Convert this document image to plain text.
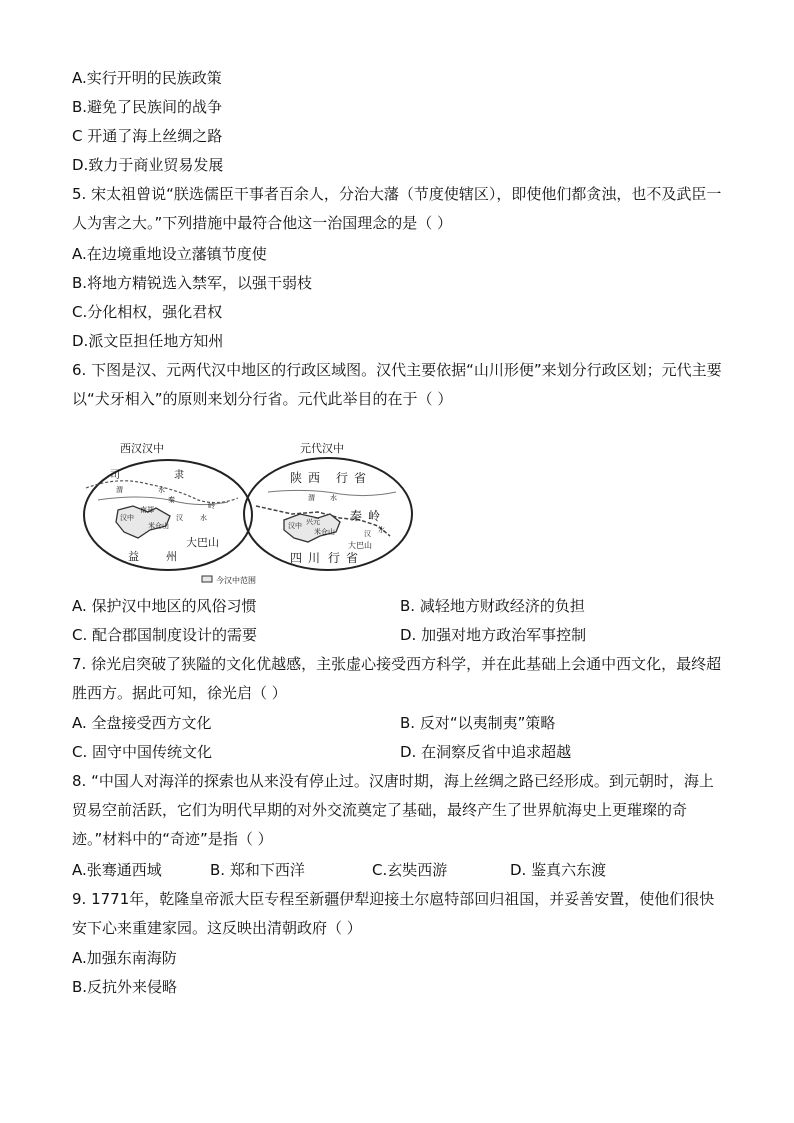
A.实行开明的民族政策
B.避免了民族间的战争
C 开通了海上丝绸之路
D.致力于商业贸易发展
5. 宋太祖曾说“朕选儒臣干事者百余人，分治大藩（节度使辖区），即使他们都贪浊，也不及武臣一人为害之大。”下列措施中最符合他这一治国理念的是（ ）
A.在边境重地设立藩镇节度使
B.将地方精锐选入禁军，以强干弱枝
C.分化相权，强化君权
D.派文臣担任地方知州
6. 下图是汉、元两代汉中地区的行政区域图。汉代主要依据“山川形便”来划分行政区划；元代主要以“犬牙相入”的原则来划分行省。元代此举目的在于（ ）
西汉汉中
司	隶
渭	水
秦
岭
南郑
汉中	汉 水
米仓山
大巴山
益 州
元代汉中
陕 西 行 省
渭 水
兴元
汉中
秦 岭
米仓山
大巴山
汉 水
四 川 行 省
今汉中范围
A. 保护汉中地区的风俗习惯	B. 减轻地方财政经济的负担
C. 配合郡国制度设计的需要	D. 加强对地方政治军事控制
7. 徐光启突破了狭隘的文化优越感，主张虚心接受西方科学，并在此基础上会通中西文化，最终超胜西方。据此可知，徐光启（ ）
A. 全盘接受西方文化	B. 反对“以夷制夷”策略
C. 固守中国传统文化	D. 在洞察反省中追求超越
8. “中国人对海洋的探索也从来没有停止过。汉唐时期，海上丝绸之路已经形成。到元朝时，海上贸易空前活跃，它们为明代早期的对外交流奠定了基础，最终产生了世界航海史上更璀璨的奇迹。”材料中的“奇迹”是指（ ）
A.张骞通西域	B. 郑和下西洋	C.玄奘西游	D. 鉴真六东渡
9. 1771年，乾隆皇帝派大臣专程至新疆伊犁迎接土尔扈特部回归祖国，并妥善安置，使他们很快安下心来重建家园。这反映出清朝政府（ ）
A.加强东南海防
B.反抗外来侵略
